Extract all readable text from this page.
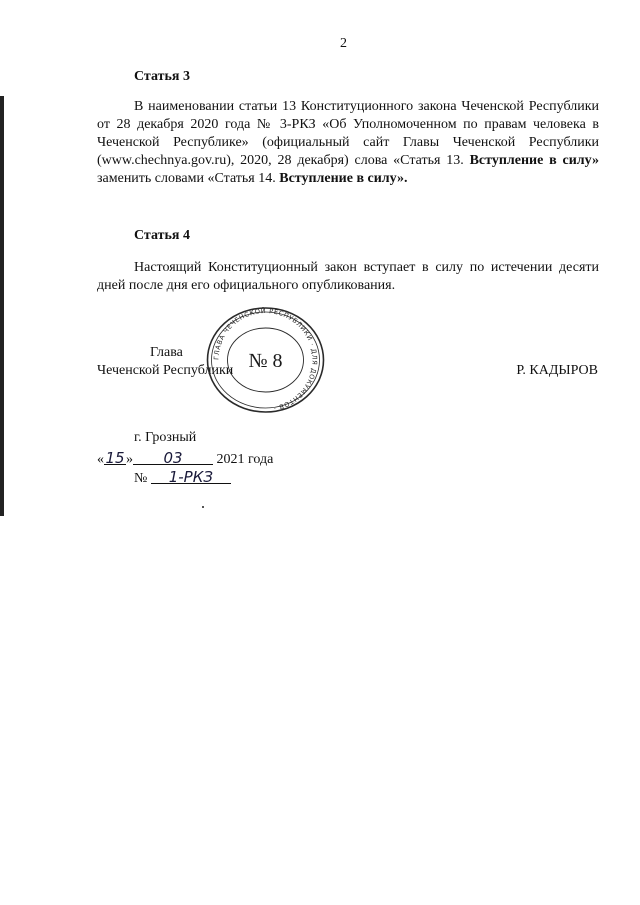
2
Статья 3
В наименовании статьи 13 Конституционного закона Чеченской Республики от 28 декабря 2020 года № 3-РКЗ «Об Уполномоченном по правам человека в Чеченской Республике» (официальный сайт Главы Чеченской Республики (www.chechnya.gov.ru), 2020, 28 декабря) слова «Статья 13. Вступление в силу» заменить словами «Статья 14. Вступление в силу».
Статья 4
Настоящий Конституционный закон вступает в силу по истечении десяти дней после дня его официального опубликования.
Глава
Чеченской Республики	Р. КАДЫРОВ
ГЛАВА ЧЕЧЕНСКОЙ РЕСПУБЛИКИ · ДЛЯ ДОКУМЕНТОВ ·
№ 8
г. Грозный
«15» 03 2021 года
№ 1-РКЗ
